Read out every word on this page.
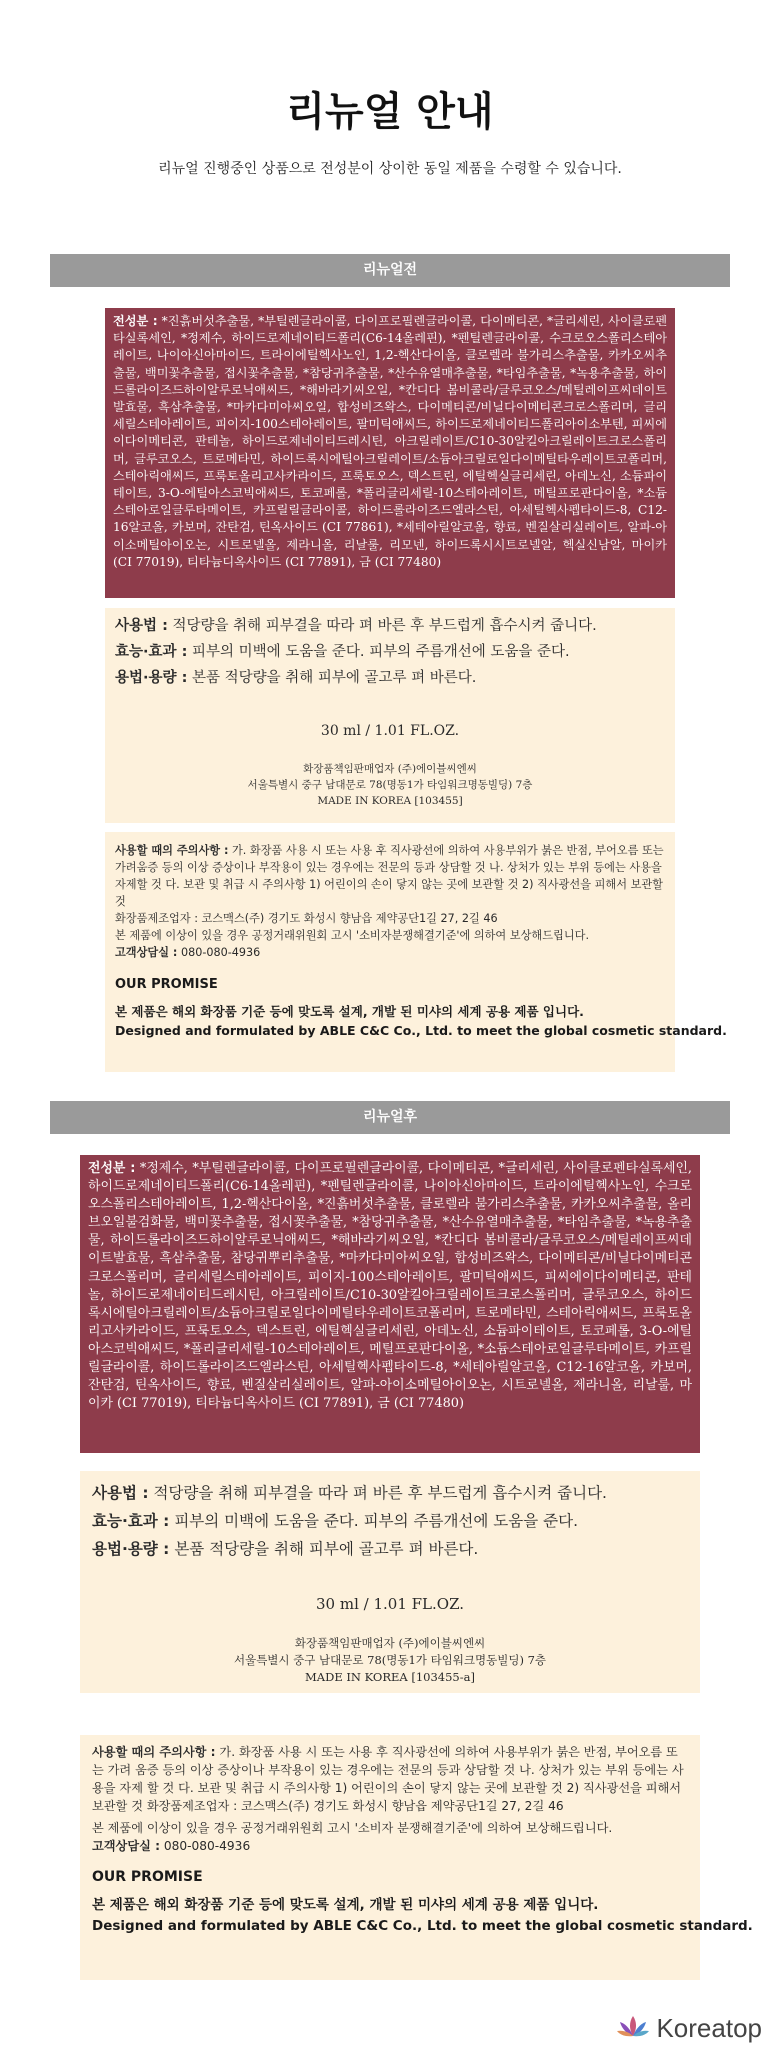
리뉴얼 안내
리뉴얼 진행중인 상품으로 전성분이 상이한 동일 제품을 수령할 수 있습니다.
리뉴얼전
전성분 : *진흙버섯추출물, *부틸렌글라이콜, 다이프로필렌글라이콜, 다이메티콘, *글리세린, 사이클로펜타실록세인, *정제수, 하이드로제네이티드폴리(C6-14올레핀), *펜틸렌글라이콜, 수크로오스폴리스테아레이트, 나이아신아마이드, 트라이에틸헥사노인, 1,2-헥산다이올, 클로렐라 불가리스추출물, 카카오씨추출물, 백미꽃추출물, 접시꽃추출물, *참당귀추출물, *산수유열매추출물, *타임추출물, *녹용추출물, 하이드롤라이즈드하이알루로닉애씨드, *해바라기씨오일, *칸디다 봄비콜라/글루코오스/메틸레이프씨데이트발효물, 흑삼추출물, *마카다미아씨오일, 합성비즈왁스, 다이메티콘/비닐다이메티콘크로스폴리머, 글리세릴스테아레이트, 피이지-100스테아레이트, 팔미틱애씨드, 하이드로제네이티드폴리아이소부텐, 피씨에이다이메티콘, 판테놀, 하이드로제네이티드레시틴, 아크릴레이트/C10-30알킬아크릴레이트크로스폴리머, 글루코오스, 트로메타민, 하이드록시에틸아크릴레이트/소듐아크릴로일다이메틸타우레이트코폴리머, 스테아릭애씨드, 프룩토올리고사카라이드, 프룩토오스, 덱스트린, 에틸헥실글리세린, 아데노신, 소듐파이테이트, 3-O-에틸아스코빅애씨드, 토코페롤, *폴리글리세릴-10스테아레이트, 메틸프로판다이올, *소듐스테아로일글루타메이트, 카프릴릴글라이콜, 하이드롤라이즈드엘라스틴, 아세틸헥사펩타이드-8, C12-16알코올, 카보머, 잔탄검, 틴옥사이드 (CI 77861), *세테아릴알코올, 향료, 벤질살리실레이트, 알파-아이소메틸아이오논, 시트로넬올, 제라니올, 리날룰, 리모넨, 하이드록시시트로넬알, 헥실신남알, 마이카 (CI 77019), 티타늄디옥사이드 (CI 77891), 금 (CI 77480)
사용법 : 적당량을 취해 피부결을 따라 펴 바른 후 부드럽게 흡수시켜 줍니다.
효능·효과 : 피부의 미백에 도움을 준다. 피부의 주름개선에 도움을 준다.
용법·용량 : 본품 적당량을 취해 피부에 골고루 펴 바른다.
30 ml / 1.01 FL.OZ.
화장품책임판매업자 (주)에이블씨엔씨
서울특별시 중구 남대문로 78(명동1가 타임워크명동빌딩) 7층
MADE IN KOREA [103455]
사용할 때의 주의사항 : 가. 화장품 사용 시 또는 사용 후 직사광선에 의하여 사용부위가 붉은 반점, 부어오름 또는 가려움증 등의 이상 증상이나 부작용이 있는 경우에는 전문의 등과 상담할 것 나. 상처가 있는 부위 등에는 사용을 자제할 것 다. 보관 및 취급 시 주의사항 1) 어린이의 손이 닿지 않는 곳에 보관할 것 2) 직사광선을 피해서 보관할 것
화장품제조업자 : 코스맥스(주) 경기도 화성시 향남읍 제약공단1길 27, 2길 46
본 제품에 이상이 있을 경우 공정거래위원회 고시 '소비자분쟁해결기준'에 의하여 보상해드립니다.
고객상담실 : 080-080-4936
OUR PROMISE
본 제품은 해외 화장품 기준 등에 맞도록 설계, 개발 된 미샤의 세계 공용 제품 입니다.
Designed and formulated by ABLE C&C Co., Ltd. to meet the global cosmetic standard.
리뉴얼후
전성분 : *정제수, *부틸렌글라이콜, 다이프로필렌글라이콜, 다이메티콘, *글리세린, 사이클로펜타실록세인, 하이드로제네이티드폴리(C6-14올레핀), *펜틸렌글라이콜, 나이아신아마이드, 트라이에틸헥사노인, 수크로오스폴리스테아레이트, 1,2-헥산다이올, *진흙버섯추출물, 클로렐라 불가리스추출물, 카카오씨추출물, 올리브오일불검화물, 백미꽃추출물, 접시꽃추출물, *참당귀추출물, *산수유열매추출물, *타임추출물, *녹용추출물, 하이드롤라이즈드하이알루로닉애씨드, *해바라기씨오일, *칸디다 봄비콜라/글루코오스/메틸레이프씨데이트발효물, 흑삼추출물, 참당귀뿌리추출물, *마카다미아씨오일, 합성비즈왁스, 다이메티콘/비닐다이메티콘크로스폴리머, 글리세릴스테아레이트, 피이지-100스테아레이트, 팔미틱애씨드, 피씨에이다이메티콘, 판테놀, 하이드로제네이티드레시틴, 아크릴레이트/C10-30알킬아크릴레이트크로스폴리머, 글루코오스, 하이드록시에틸아크릴레이트/소듐아크릴로일다이메틸타우레이트코폴리머, 트로메타민, 스테아릭애씨드, 프룩토올리고사카라이드, 프룩토오스, 덱스트린, 에틸헥실글리세린, 아데노신, 소듐파이테이트, 토코페롤, 3-O-에틸아스코빅애씨드, *폴리글리세릴-10스테아레이트, 메틸프로판다이올, *소듐스테아로일글루타메이트, 카프릴릴글라이콜, 하이드롤라이즈드엘라스틴, 아세틸헥사펩타이드-8, *세테아릴알코올, C12-16알코올, 카보머, 잔탄검, 틴옥사이드, 향료, 벤질살리실레이트, 알파-아이소메틸아이오논, 시트로넬올, 제라니올, 리날룰, 마이카 (CI 77019), 티타늄디옥사이드 (CI 77891), 금 (CI 77480)
사용법 : 적당량을 취해 피부결을 따라 펴 바른 후 부드럽게 흡수시켜 줍니다.
효능·효과 : 피부의 미백에 도움을 준다. 피부의 주름개선에 도움을 준다.
용법·용량 : 본품 적당량을 취해 피부에 골고루 펴 바른다.
30 ml / 1.01 FL.OZ.
화장품책임판매업자 (주)에이블씨엔씨
서울특별시 중구 남대문로 78(명동1가 타임워크명동빌딩) 7층
MADE IN KOREA [103455-a]
사용할 때의 주의사항 : 가. 화장품 사용 시 또는 사용 후 직사광선에 의하여 사용부위가 붉은 반점, 부어오름 또는 가려 움증 등의 이상 증상이나 부작용이 있는 경우에는 전문의 등과 상담할 것 나. 상처가 있는 부위 등에는 사용을 자제 할 것 다. 보관 및 취급 시 주의사항 1) 어린이의 손이 닿지 않는 곳에 보관할 것 2) 직사광선을 피해서 보관할 것 화장품제조업자 : 코스맥스(주) 경기도 화성시 향남읍 제약공단1길 27, 2길 46
본 제품에 이상이 있을 경우 공정거래위원회 고시 '소비자 분쟁해결기준'에 의하여 보상해드립니다.
고객상담실 : 080-080-4936
OUR PROMISE
본 제품은 해외 화장품 기준 등에 맞도록 설계, 개발 된 미샤의 세계 공용 제품 입니다.
Designed and formulated by ABLE C&C Co., Ltd. to meet the global cosmetic standard.
Koreatop
